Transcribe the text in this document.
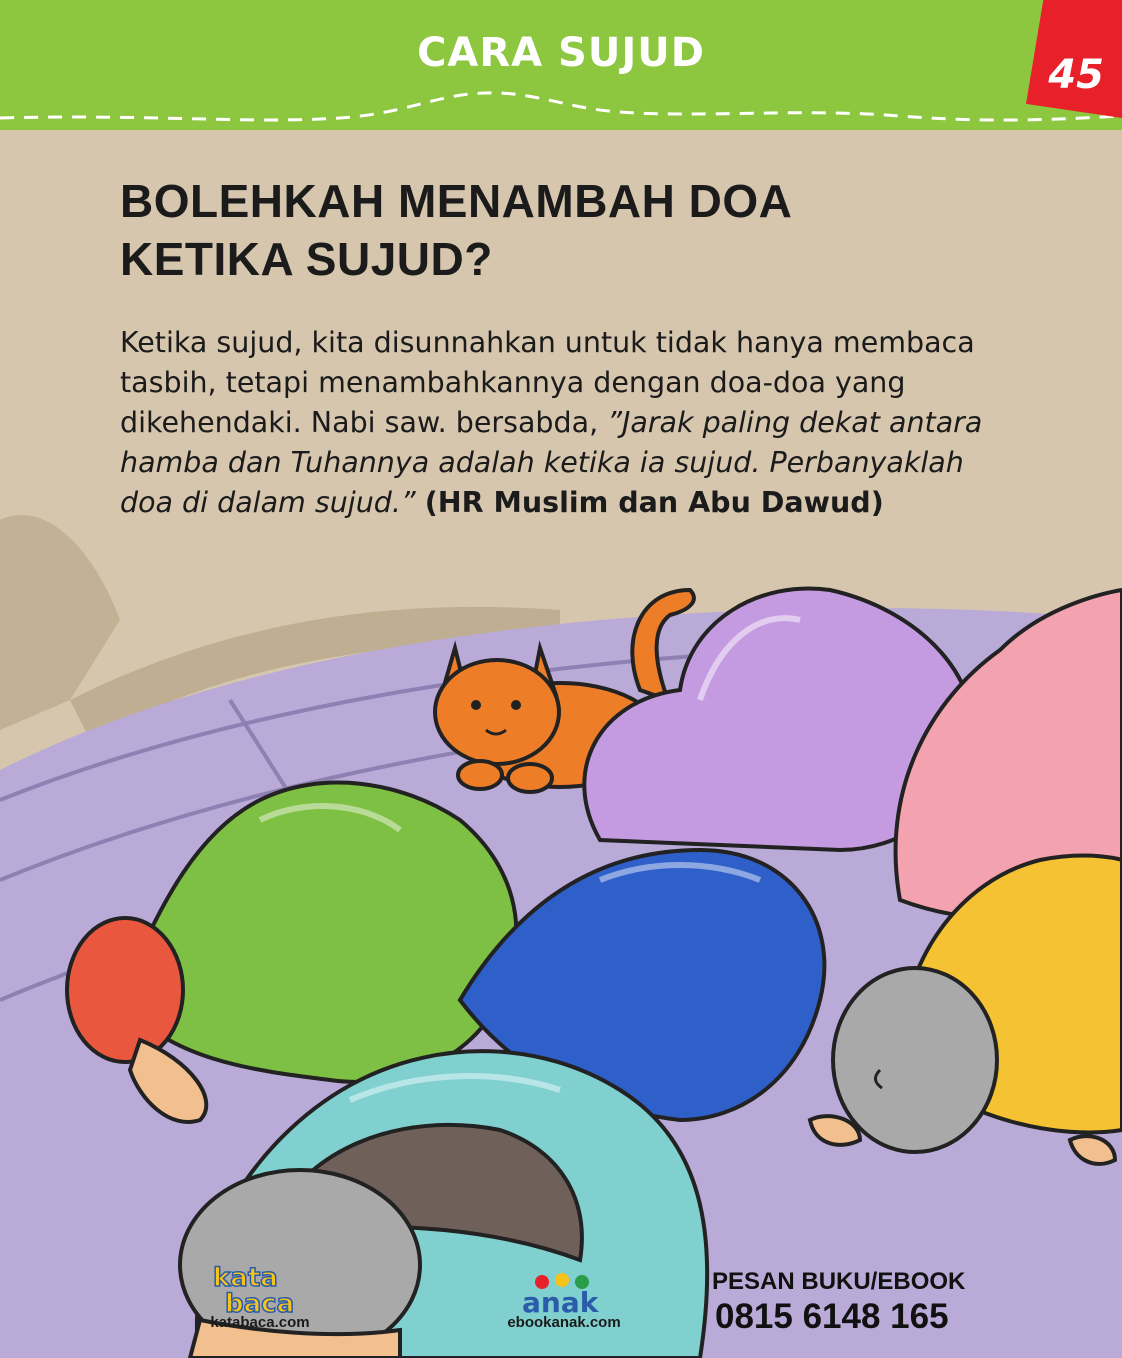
CARA SUJUD	45
BOLEHKAH MENAMBAH DOA
KETIKA SUJUD?
Ketika sujud, kita disunnahkan untuk tidak hanya membaca tasbih, tetapi menambahkannya dengan doa-doa yang dikehendaki. Nabi saw. bersabda, ”Jarak paling dekat antara hamba dan Tuhannya adalah ketika ia sujud. Perbanyaklah doa di dalam sujud.” (HR Muslim dan Abu Dawud)
kata
baca
katabaca.com
anak
ebookanak.com
PESAN BUKU/EBOOK
0815 6148 165
